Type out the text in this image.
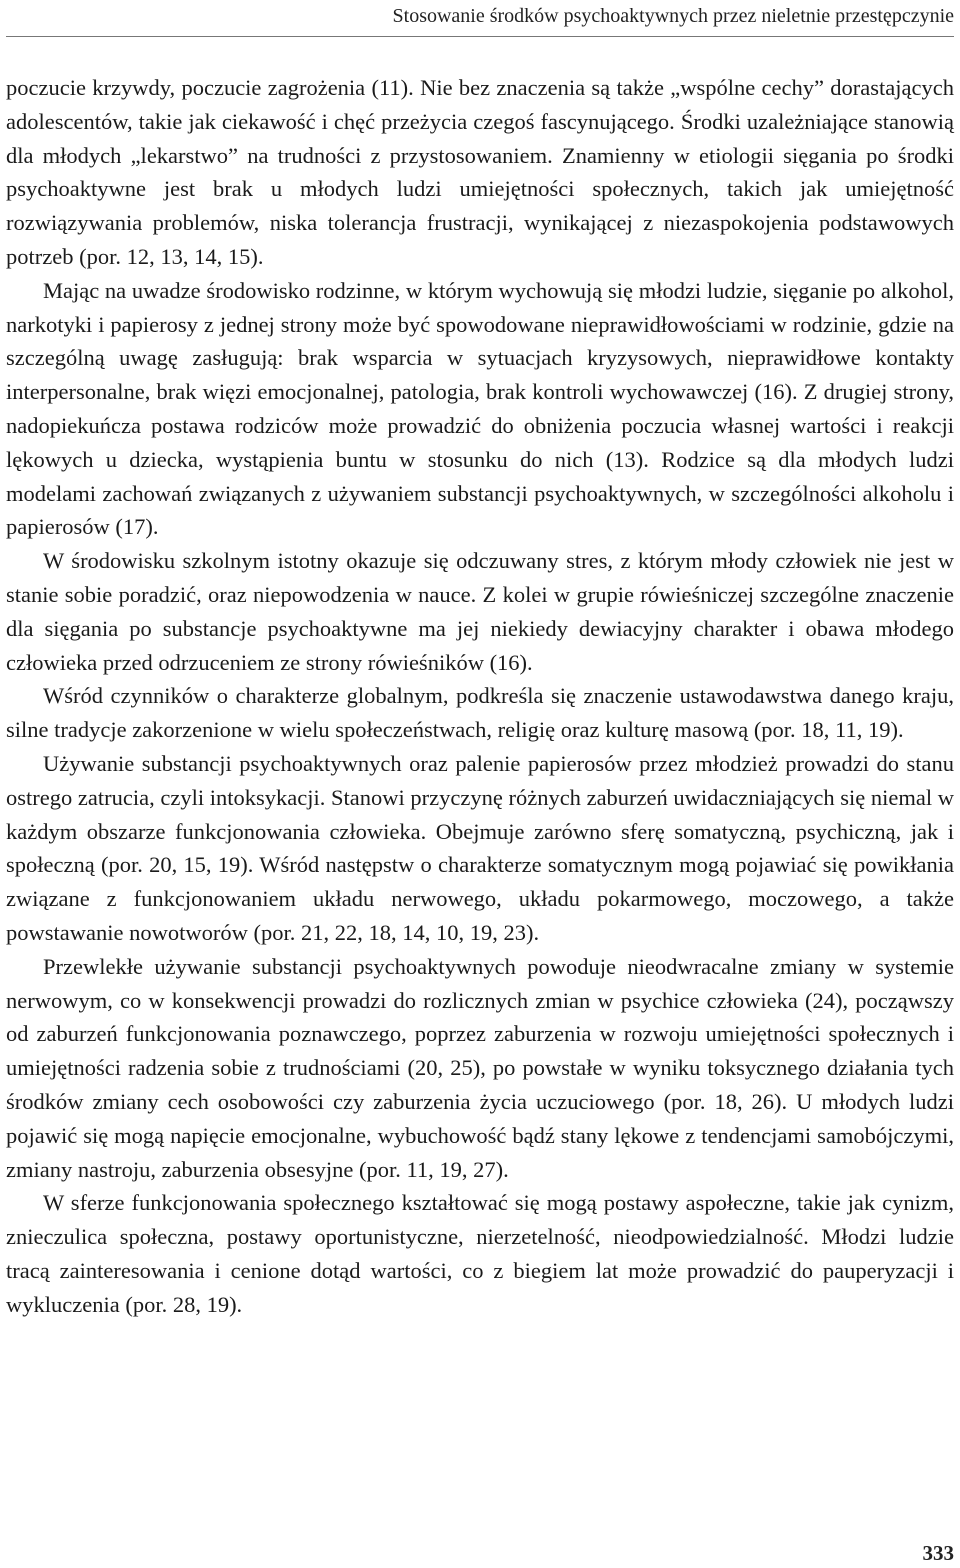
Stosowanie środków psychoaktywnych przez nieletnie przestępczynie

poczucie krzywdy, poczucie zagrożenia (11). Nie bez znaczenia są także „wspólne cechy” dorastających adolescentów, takie jak ciekawość i chęć przeżycia czegoś fascynującego. Środki uzależniające stanowią dla młodych „lekarstwo” na trudności z przystosowaniem. Znamienny w etiologii sięgania po środki psychoaktywne jest brak u młodych ludzi umiejętności społecznych, takich jak umiejętność rozwiązywania problemów, niska tolerancja frustracji, wynikającej z niezaspokojenia podstawowych potrzeb (por. 12, 13, 14, 15).

Mając na uwadze środowisko rodzinne, w którym wychowują się młodzi ludzie, sięganie po alkohol, narkotyki i papierosy z jednej strony może być spowodowane nieprawidłowościami w rodzinie, gdzie na szczególną uwagę zasługują: brak wsparcia w sytuacjach kryzysowych, nieprawidłowe kontakty interpersonalne, brak więzi emocjonalnej, patologia, brak kontroli wychowawczej (16). Z drugiej strony, nadopiekuńcza postawa rodziców może prowadzić do obniżenia poczucia własnej wartości i reakcji lękowych u dziecka, wystąpienia buntu w stosunku do nich (13). Rodzice są dla młodych ludzi modelami zachowań związanych z używaniem substancji psychoaktywnych, w szczególności alkoholu i papierosów (17).

W środowisku szkolnym istotny okazuje się odczuwany stres, z którym młody człowiek nie jest w stanie sobie poradzić, oraz niepowodzenia w nauce. Z kolei w grupie rówieśniczej szczególne znaczenie dla sięgania po substancje psychoaktywne ma jej niekiedy dewiacyjny charakter i obawa młodego człowieka przed odrzuceniem ze strony rówieśników (16).

Wśród czynników o charakterze globalnym, podkreśla się znaczenie ustawodawstwa danego kraju, silne tradycje zakorzenione w wielu społeczeństwach, religię oraz kulturę masową (por. 18, 11, 19).

Używanie substancji psychoaktywnych oraz palenie papierosów przez młodzież prowadzi do stanu ostrego zatrucia, czyli intoksykacji. Stanowi przyczynę różnych zaburzeń uwidaczniających się niemal w każdym obszarze funkcjonowania człowieka. Obejmuje zarówno sferę somatyczną, psychiczną, jak i społeczną (por. 20, 15, 19). Wśród następstw o charakterze somatycznym mogą pojawiać się powikłania związane z funkcjonowaniem układu nerwowego, układu pokarmowego, moczowego, a także powstawanie nowotworów (por. 21, 22, 18, 14, 10, 19, 23).

Przewlekłe używanie substancji psychoaktywnych powoduje nieodwracalne zmiany w systemie nerwowym, co w konsekwencji prowadzi do rozlicznych zmian w psychice człowieka (24), począwszy od zaburzeń funkcjonowania poznawczego, poprzez zaburzenia w rozwoju umiejętności społecznych i umiejętności radzenia sobie z trudnościami (20, 25), po powstałe w wyniku toksycznego działania tych środków zmiany cech osobowości czy zaburzenia życia uczuciowego (por. 18, 26). U młodych ludzi pojawić się mogą napięcie emocjonalne, wybuchowość bądź stany lękowe z tendencjami samobójczymi, zmiany nastroju, zaburzenia obsesyjne (por. 11, 19, 27).

W sferze funkcjonowania społecznego kształtować się mogą postawy aspołeczne, takie jak cynizm, znieczulica społeczna, postawy oportunistyczne, nierzetelność, nieodpowiedzialność. Młodzi ludzie tracą zainteresowania i cenione dotąd wartości, co z biegiem lat może prowadzić do pauperyzacji i wykluczenia (por. 28, 19).

333
